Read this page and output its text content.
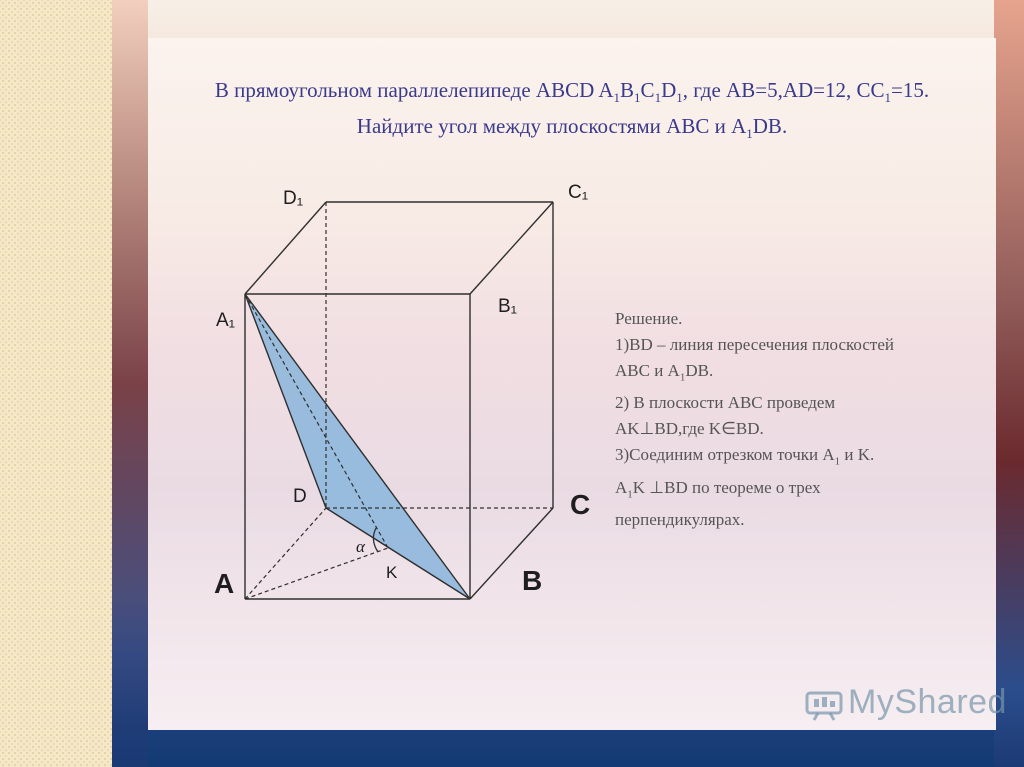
В прямоугольном параллелепипеде ABCD $A_1B_1C_1D_1$, где AB=5,AD=12, $CC_1=15$.
Найдите угол между плоскостями ABC и $A_1DB$.
D₁	C₁
A₁
B₁
D	C
A	B
K
α
Решение.
1)BD – линия пересечения плоскостей
ABC и $A_1DB$.
2) В плоскости ABC проведем
AK⊥BD,где K∈BD.
3)Соединим отрезком точки $A_1$ и K.
$A_1K$ ⊥BD по теореме о трех
перпендикулярах.
MyShared
